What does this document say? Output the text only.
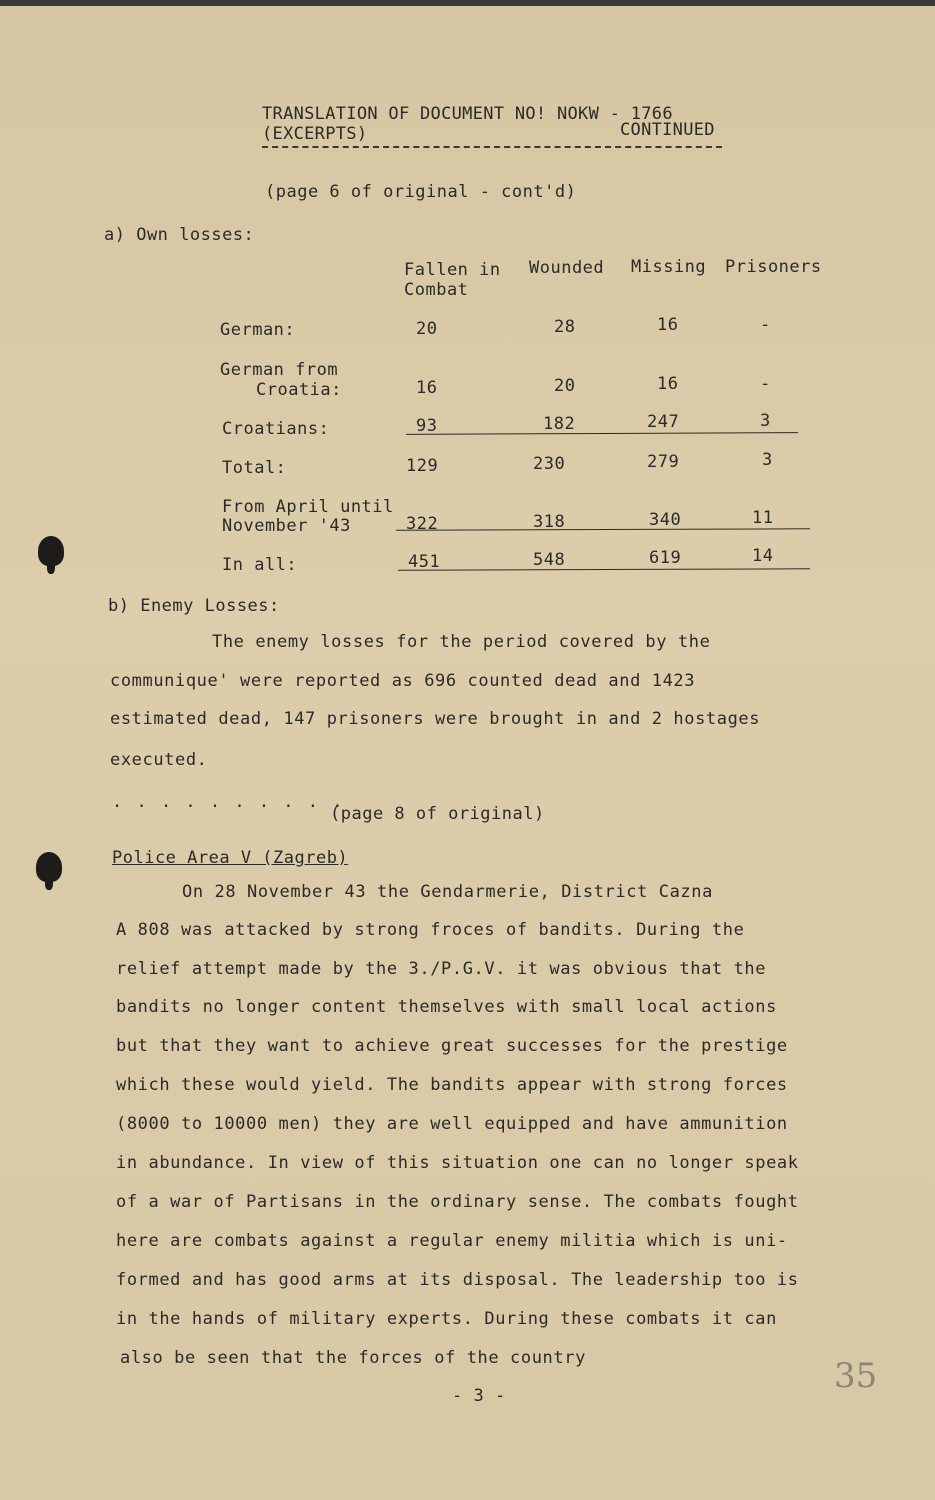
TRANSLATION OF DOCUMENT NO! NOKW - 1766
(EXCERPTS)	CONTINUED
(page 6 of original - cont'd)
a) Own losses:
Fallen in
Combat
Wounded Missing Prisoners
German:	20	28	16	-
German from
Croatia:	16	20	16	-
Croatians:	93	182	247	3
Total:	129	230	279	3
From April until
November '43	322	318	340	11
In all:	451	548	619	14
b) Enemy Losses:
The enemy losses for the period covered by the
communique' were reported as 696 counted dead and 1423
estimated dead, 147 prisoners were brought in and 2 hostages
executed.
. . . . . . . . . .
(page 8 of original)
Police Area V (Zagreb)
On 28 November 43 the Gendarmerie, District Cazna
A 808 was attacked by strong froces of bandits. During the
relief attempt made by the 3./P.G.V. it was obvious that the
bandits no longer content themselves with small local actions
but that they want to achieve great successes for the prestige
which these would yield. The bandits appear with strong forces
(8000 to 10000 men) they are well equipped and have ammunition
in abundance. In view of this situation one can no longer speak
of a war of Partisans in the ordinary sense. The combats fought
here are combats against a regular enemy militia which is uni-
formed and has good arms at its disposal. The leadership too is
in the hands of military experts. During these combats it can
also be seen that the forces of the country
- 3 -	35
